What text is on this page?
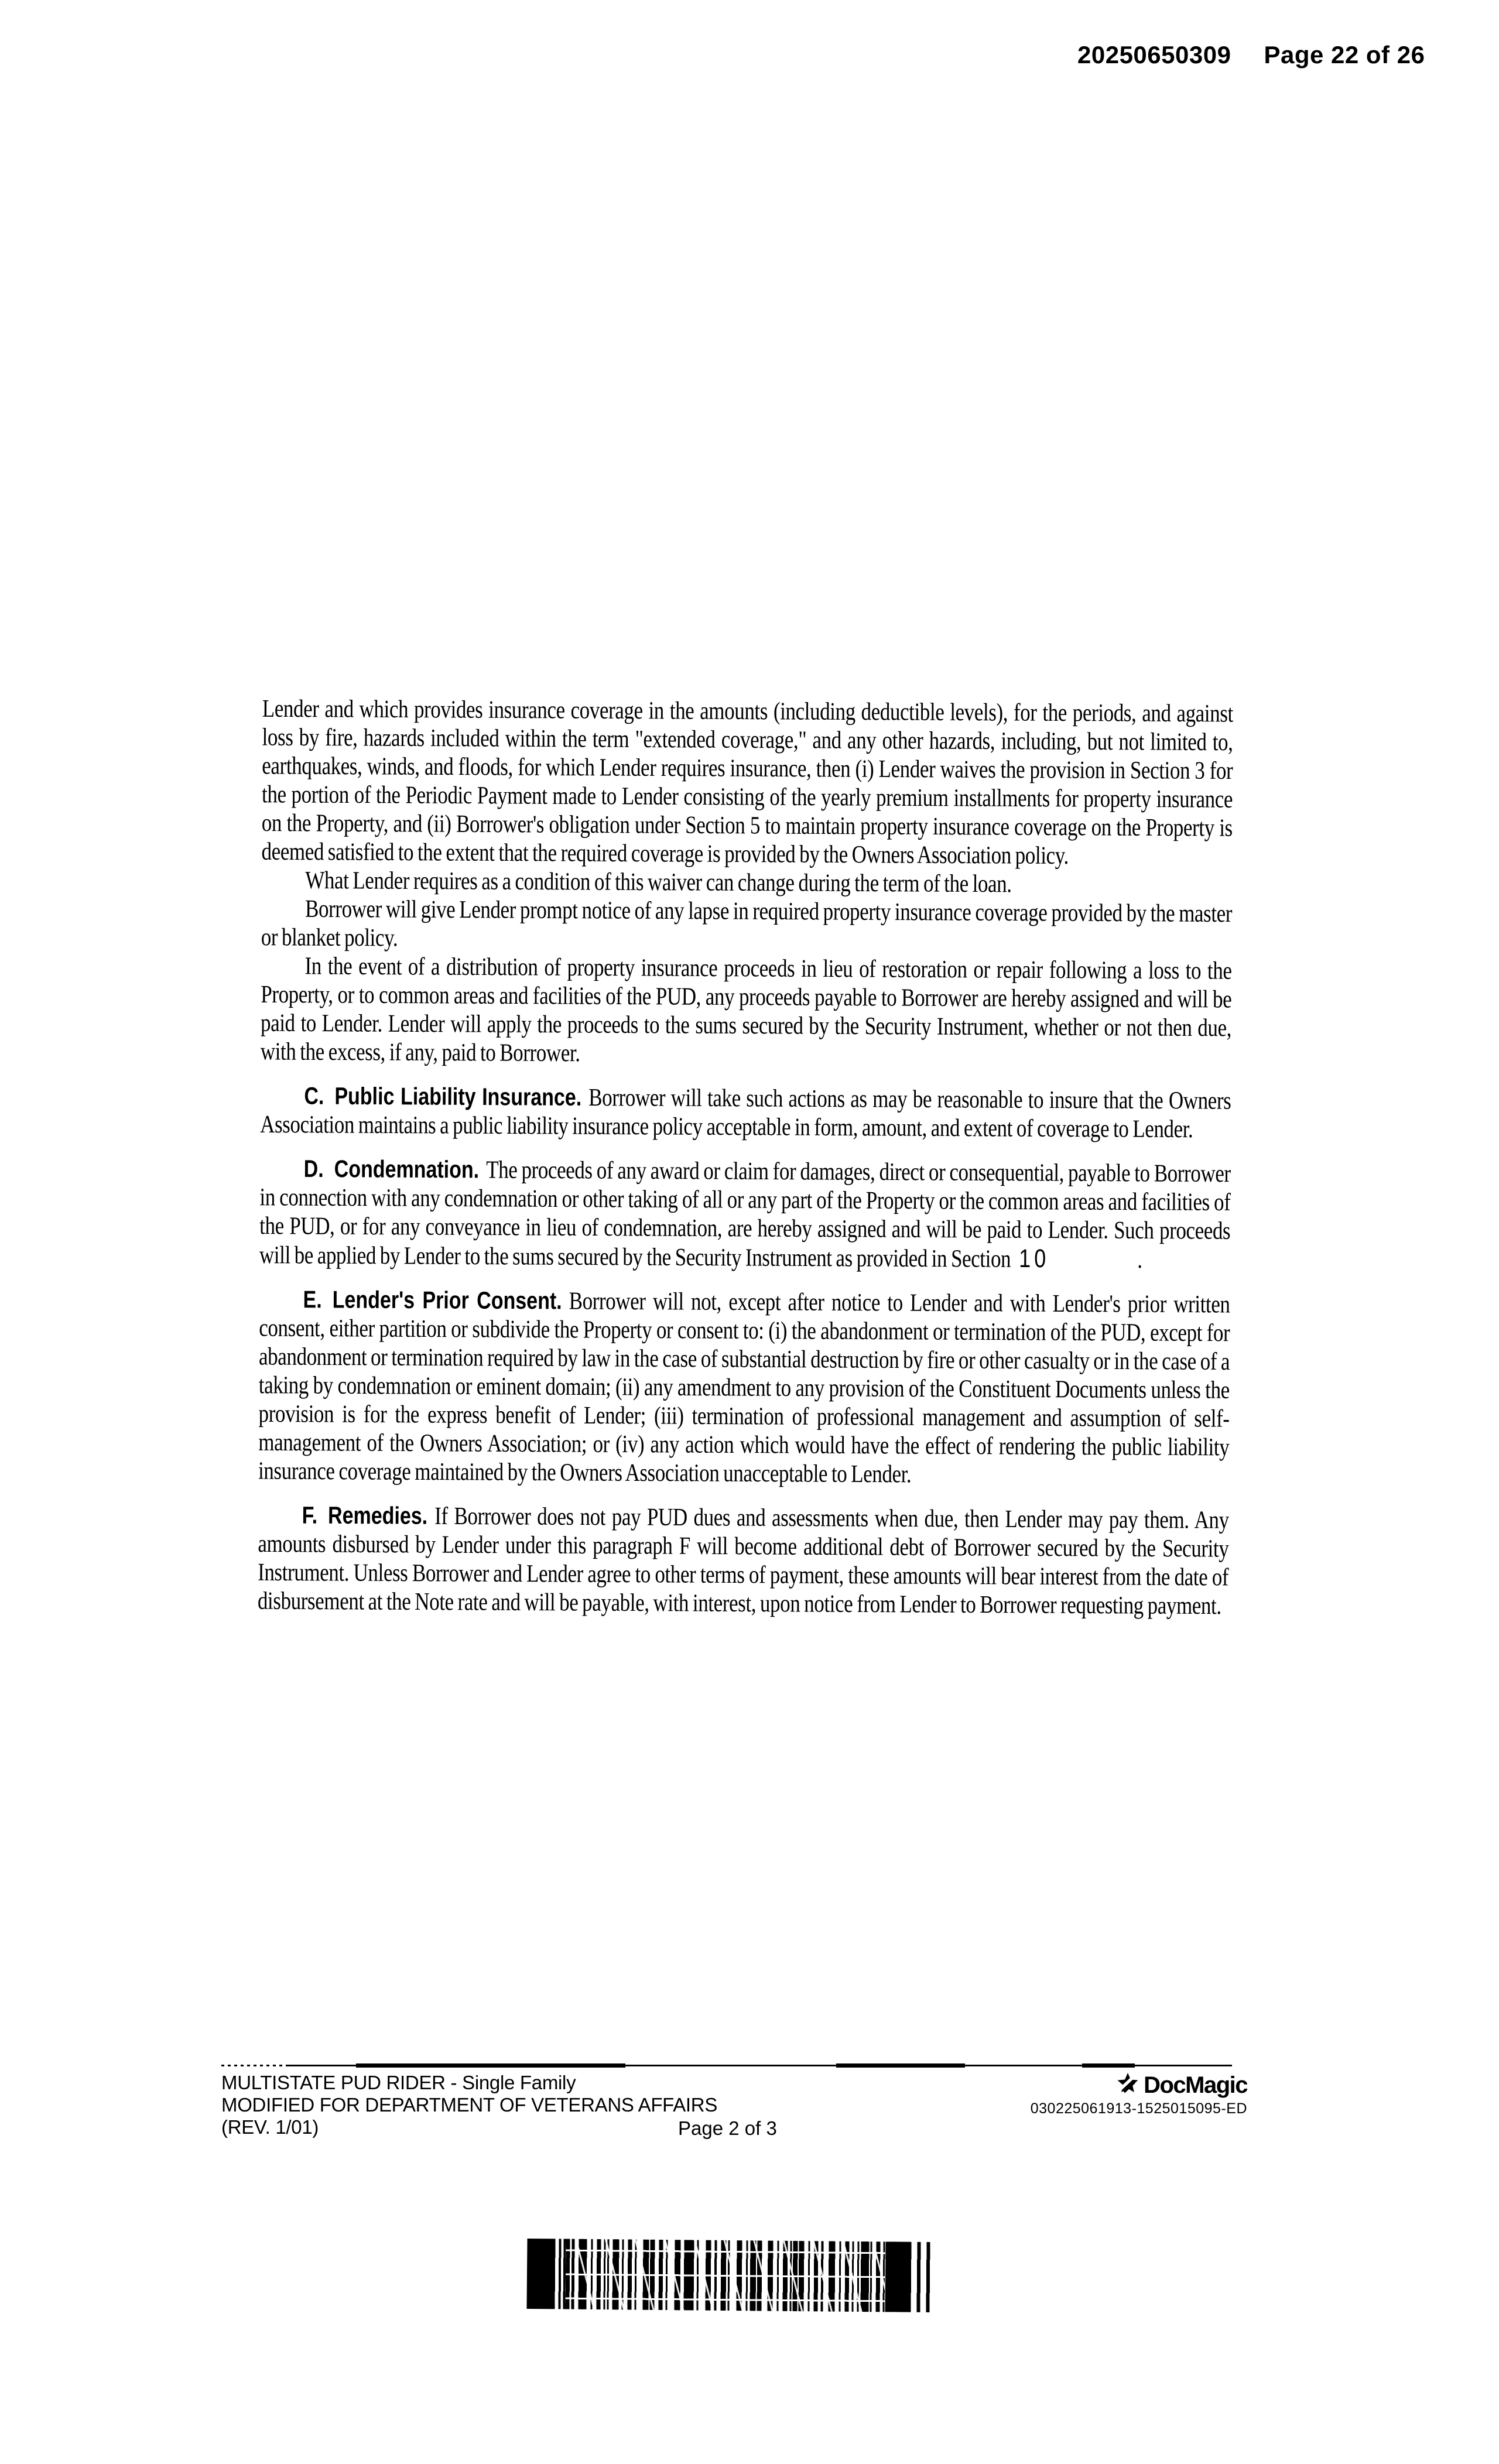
20250650309 Page 22 of 26

Lender and which provides insurance coverage in the amounts (including deductible levels), for the periods, and against loss by fire, hazards included within the term "extended coverage," and any other hazards, including, but not limited to, earthquakes, winds, and floods, for which Lender requires insurance, then (i) Lender waives the provision in Section 3 for the portion of the Periodic Payment made to Lender consisting of the yearly premium installments for property insurance on the Property, and (ii) Borrower's obligation under Section 5 to maintain property insurance coverage on the Property is deemed satisfied to the extent that the required coverage is provided by the Owners Association policy.

What Lender requires as a condition of this waiver can change during the term of the loan.

Borrower will give Lender prompt notice of any lapse in required property insurance coverage provided by the master or blanket policy.

In the event of a distribution of property insurance proceeds in lieu of restoration or repair following a loss to the Property, or to common areas and facilities of the PUD, any proceeds payable to Borrower are hereby assigned and will be paid to Lender. Lender will apply the proceeds to the sums secured by the Security Instrument, whether or not then due, with the excess, if any, paid to Borrower.

C. Public Liability Insurance. Borrower will take such actions as may be reasonable to insure that the Owners Association maintains a public liability insurance policy acceptable in form, amount, and extent of coverage to Lender.

D. Condemnation. The proceeds of any award or claim for damages, direct or consequential, payable to Borrower in connection with any condemnation or other taking of all or any part of the Property or the common areas and facilities of the PUD, or for any conveyance in lieu of condemnation, are hereby assigned and will be paid to Lender. Such proceeds will be applied by Lender to the sums secured by the Security Instrument as provided in Section 10	.

E. Lender's Prior Consent. Borrower will not, except after notice to Lender and with Lender's prior written consent, either partition or subdivide the Property or consent to: (i) the abandonment or termination of the PUD, except for abandonment or termination required by law in the case of substantial destruction by fire or other casualty or in the case of a taking by condemnation or eminent domain; (ii) any amendment to any provision of the Constituent Documents unless the provision is for the express benefit of Lender; (iii) termination of professional management and assumption of self-management of the Owners Association; or (iv) any action which would have the effect of rendering the public liability insurance coverage maintained by the Owners Association unacceptable to Lender.

F. Remedies. If Borrower does not pay PUD dues and assessments when due, then Lender may pay them. Any amounts disbursed by Lender under this paragraph F will become additional debt of Borrower secured by the Security Instrument. Unless Borrower and Lender agree to other terms of payment, these amounts will bear interest from the date of disbursement at the Note rate and will be payable, with interest, upon notice from Lender to Borrower requesting payment.

MULTISTATE PUD RIDER - Single Family
MODIFIED FOR DEPARTMENT OF VETERANS AFFAIRS
(REV. 1/01)	Page 2 of 3
DocMagic
030225061913-1525015095-ED
